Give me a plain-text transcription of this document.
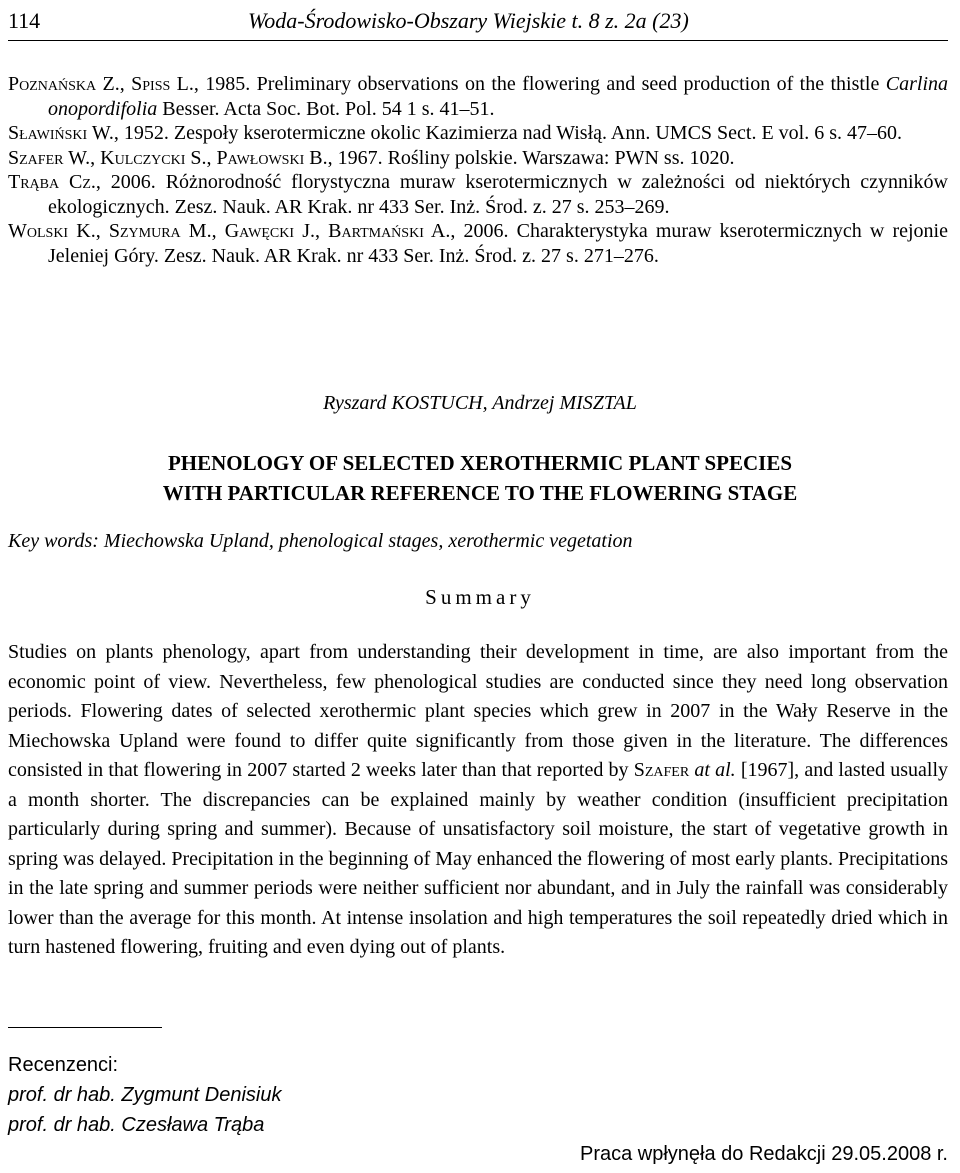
114	Woda-Środowisko-Obszary Wiejskie t. 8 z. 2a (23)
Poznańska Z., Spiss L., 1985. Preliminary observations on the flowering and seed production of the thistle Carlina onopordifolia Besser. Acta Soc. Bot. Pol. 54 1 s. 41–51.
Sławiński W., 1952. Zespoły kserotermiczne okolic Kazimierza nad Wisłą. Ann. UMCS Sect. E vol. 6 s. 47–60.
Szafer W., Kulczycki S., Pawłowski B., 1967. Rośliny polskie. Warszawa: PWN ss. 1020.
Trąba Cz., 2006. Różnorodność florystyczna muraw kserotermicznych w zależności od niektórych czynników ekologicznych. Zesz. Nauk. AR Krak. nr 433 Ser. Inż. Środ. z. 27 s. 253–269.
Wolski K., Szymura M., Gawęcki J., Bartmański A., 2006. Charakterystyka muraw kserotermicznych w rejonie Jeleniej Góry. Zesz. Nauk. AR Krak. nr 433 Ser. Inż. Środ. z. 27 s. 271–276.
Ryszard KOSTUCH, Andrzej MISZTAL
PHENOLOGY OF SELECTED XEROTHERMIC PLANT SPECIES
WITH PARTICULAR REFERENCE TO THE FLOWERING STAGE
Key words: Miechowska Upland, phenological stages, xerothermic vegetation
Summary

Studies on plants phenology, apart from understanding their development in time, are also important from the economic point of view. Nevertheless, few phenological studies are conducted since they need long observation periods. Flowering dates of selected xerothermic plant species which grew in 2007 in the Wały Reserve in the Miechowska Upland were found to differ quite significantly from those given in the literature. The differences consisted in that flowering in 2007 started 2 weeks later than that reported by Szafer at al. [1967], and lasted usually a month shorter. The discrepancies can be explained mainly by weather condition (insufficient precipitation particularly during spring and summer). Because of unsatisfactory soil moisture, the start of vegetative growth in spring was delayed. Precipitation in the beginning of May enhanced the flowering of most early plants. Precipitations in the late spring and summer periods were neither sufficient nor abundant, and in July the rainfall was considerably lower than the average for this month. At intense insolation and high temperatures the soil repeatedly dried which in turn hastened flowering, fruiting and even dying out of plants.

Recenzenci:
prof. dr hab. Zygmunt Denisiuk
prof. dr hab. Czesława Trąba
Praca wpłynęła do Redakcji 29.05.2008 r.
